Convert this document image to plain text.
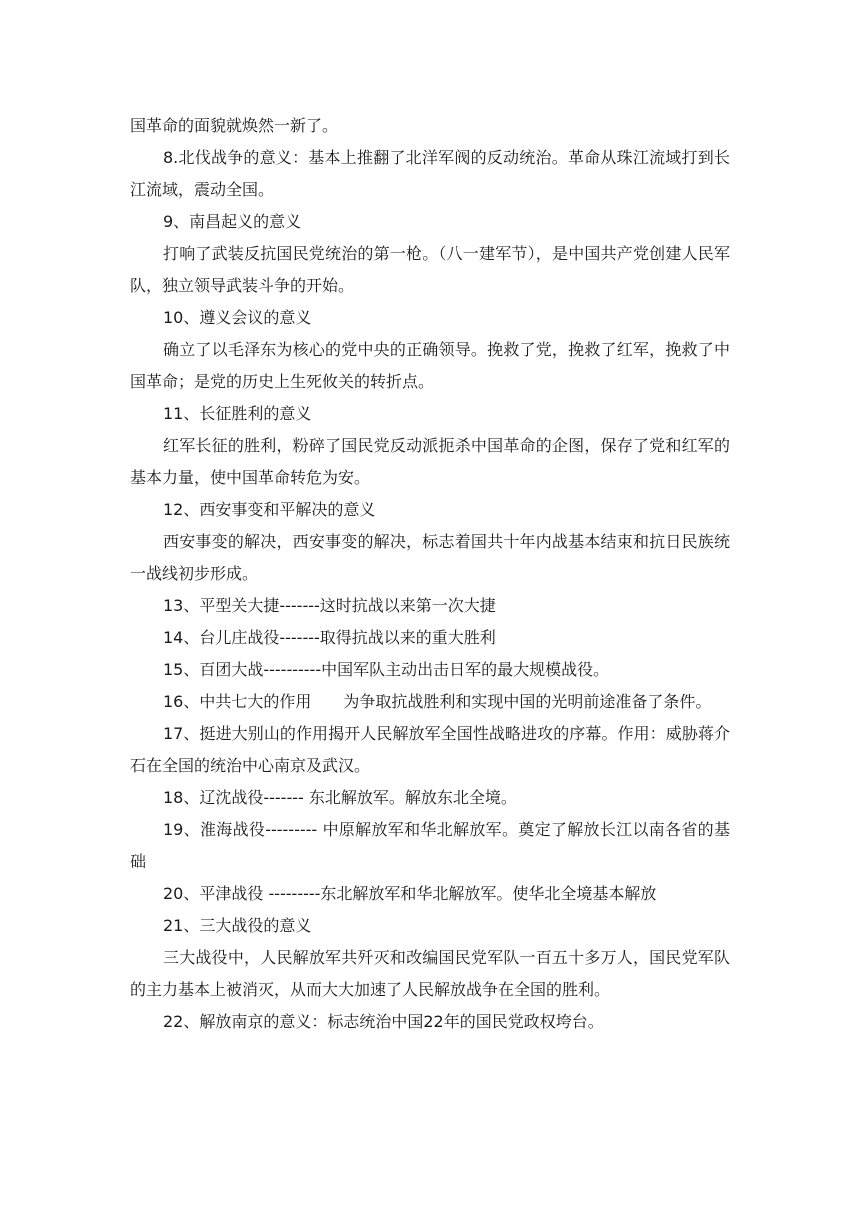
国革命的面貌就焕然一新了。

8.北伐战争的意义：基本上推翻了北洋军阀的反动统治。革命从珠江流域打到长江流域，震动全国。

9、南昌起义的意义

打响了武装反抗国民党统治的第一枪。（八一建军节），是中国共产党创建人民军队，独立领导武装斗争的开始。

10、遵义会议的意义

确立了以毛泽东为核心的党中央的正确领导。挽救了党，挽救了红军，挽救了中国革命；是党的历史上生死攸关的转折点。

11、长征胜利的意义

红军长征的胜利，粉碎了国民党反动派扼杀中国革命的企图，保存了党和红军的基本力量，使中国革命转危为安。

12、西安事变和平解决的意义

西安事变的解决，西安事变的解决，标志着国共十年内战基本结束和抗日民族统一战线初步形成。

13、平型关大捷-------这时抗战以来第一次大捷

14、台儿庄战役-------取得抗战以来的重大胜利

15、百团大战----------中国军队主动出击日军的最大规模战役。

16、中共七大的作用　　为争取抗战胜利和实现中国的光明前途准备了条件。

17、挺进大别山的作用揭开人民解放军全国性战略进攻的序幕。作用：威胁蒋介石在全国的统治中心南京及武汉。

18、辽沈战役------- 东北解放军。解放东北全境。

19、淮海战役--------- 中原解放军和华北解放军。奠定了解放长江以南各省的基础

20、平津战役 ---------东北解放军和华北解放军。使华北全境基本解放

21、三大战役的意义

三大战役中，人民解放军共歼灭和改编国民党军队一百五十多万人，国民党军队的主力基本上被消灭，从而大大加速了人民解放战争在全国的胜利。

22、解放南京的意义：标志统治中国22年的国民党政权垮台。
